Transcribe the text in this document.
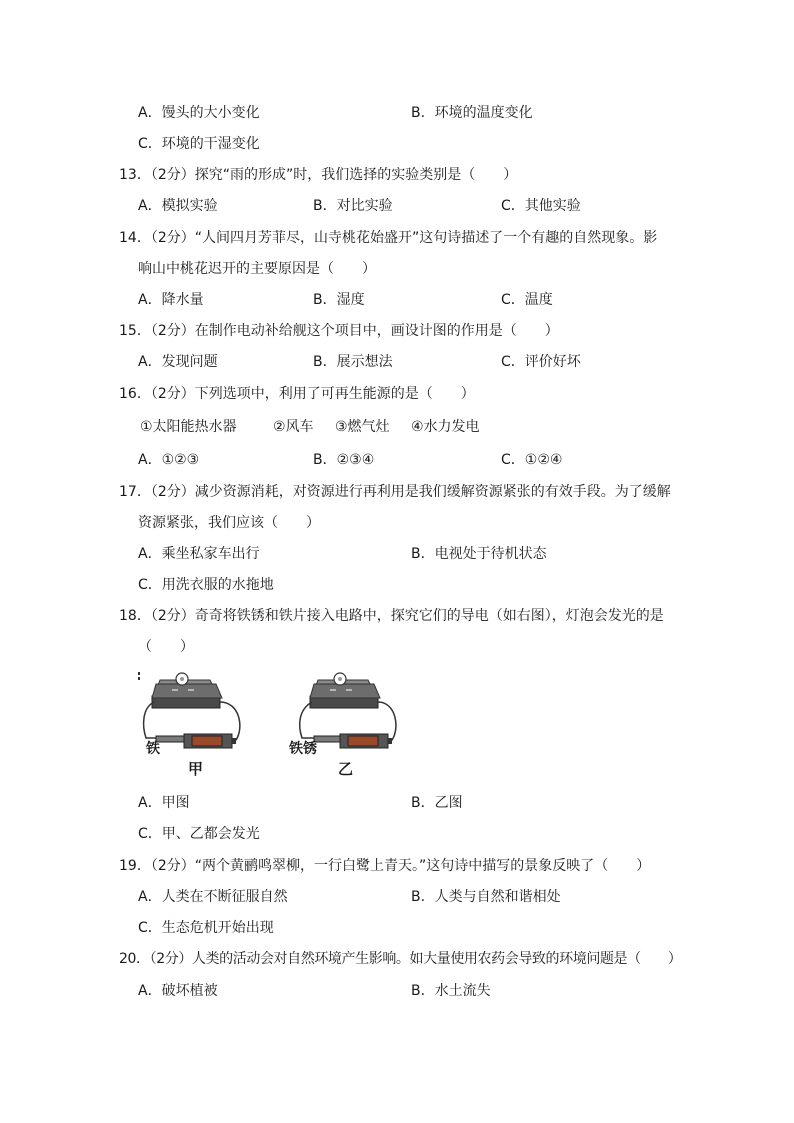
A．馒头的大小变化	B．环境的温度变化
C．环境的干湿变化
13．（2分）探究“雨的形成”时，我们选择的实验类别是（　　）
A．模拟实验	B．对比实验	C．其他实验
14．（2分）“人间四月芳菲尽，山寺桃花始盛开”这句诗描述了一个有趣的自然现象。影
响山中桃花迟开的主要原因是（　　）
A．降水量	B．湿度	C．温度
15．（2分）在制作电动补给舰这个项目中，画设计图的作用是（　　）
A．发现问题	B．展示想法	C．评价好坏
16．（2分）下列选项中，利用了可再生能源的是（　　）
①太阳能热水器	②风车 ③燃气灶 ④水力发电
A．①②③	B．②③④	C．①②④
17．（2分）减少资源消耗，对资源进行再利用是我们缓解资源紧张的有效手段。为了缓解
资源紧张，我们应该（　　）
A．乘坐私家车出行	B．电视处于待机状态
C．用洗衣服的水拖地
18．（2分）奇奇将铁锈和铁片接入电路中，探究它们的导电（如右图），灯泡会发光的是
（　　）
铁
甲
铁锈
乙
A．甲图	B．乙图
C．甲、乙都会发光
19．（2分）“两个黄鹂鸣翠柳，一行白鹭上青天。”这句诗中描写的景象反映了（　　）
A．人类在不断征服自然	B．人类与自然和谐相处
C．生态危机开始出现
20．（2分）人类的活动会对自然环境产生影响。如大量使用农药会导致的环境问题是（　　）
A．破坏植被	B．水土流失
